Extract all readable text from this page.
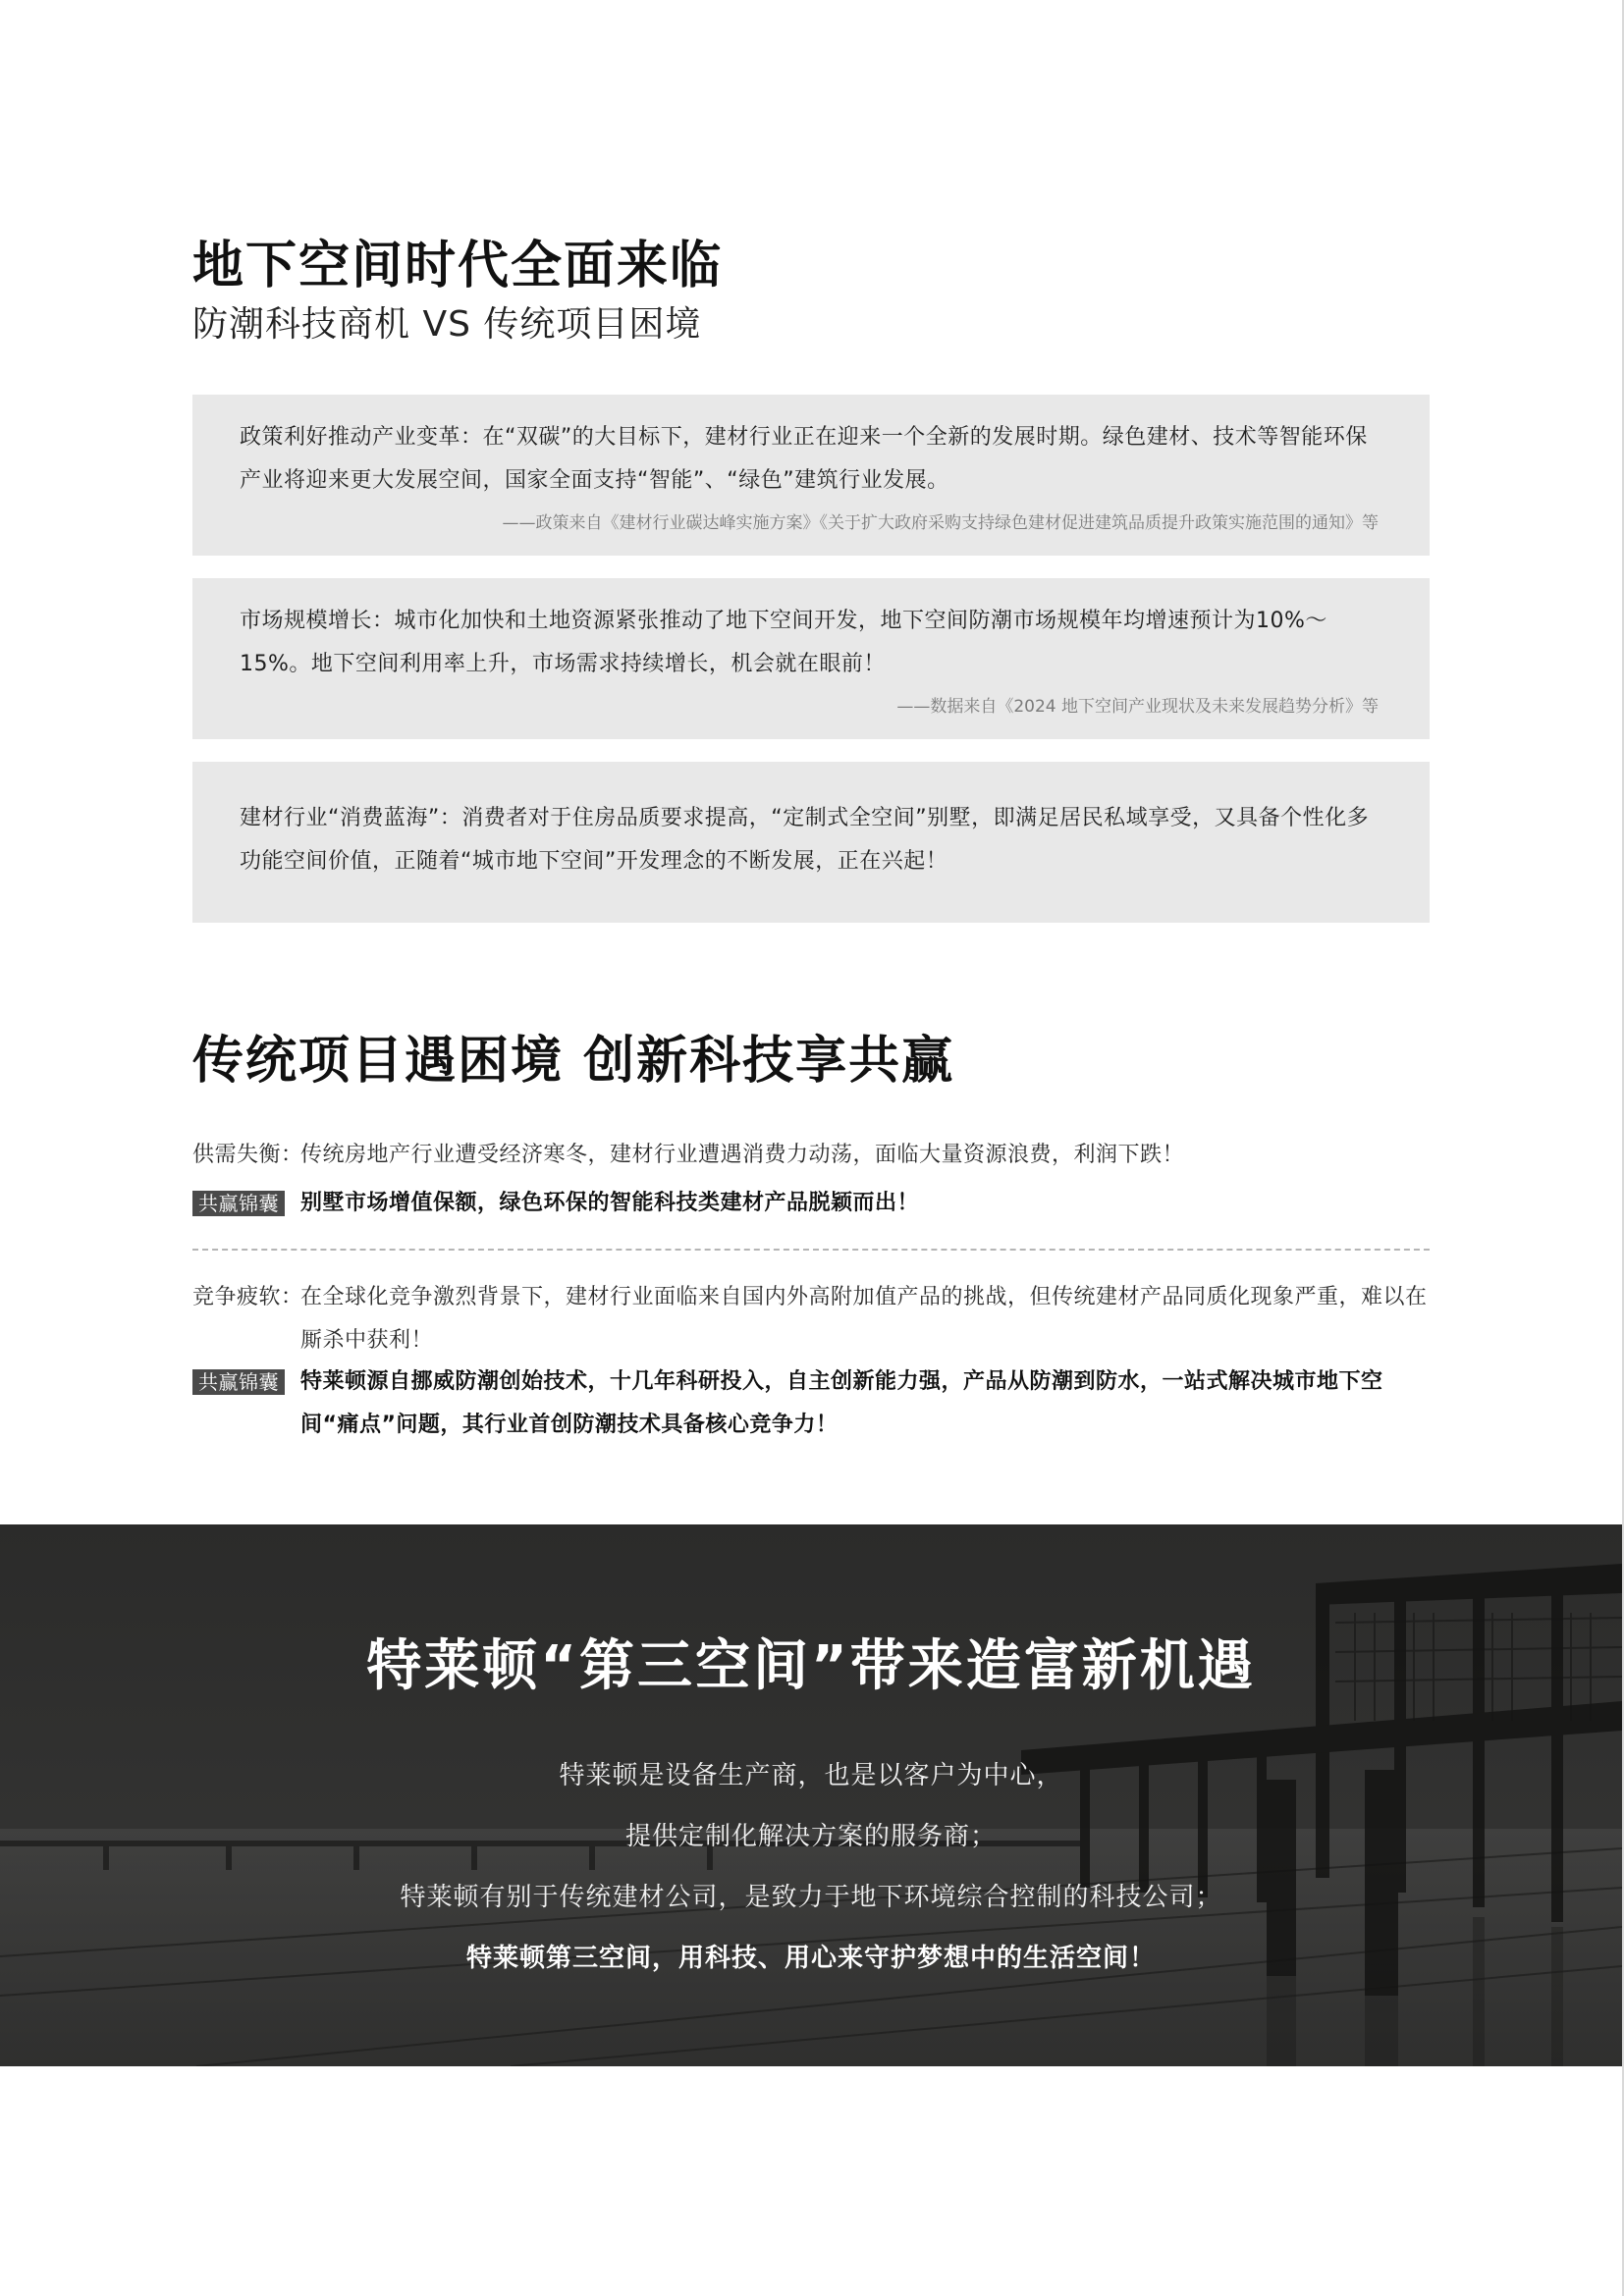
地下空间时代全面来临
防潮科技商机 VS 传统项目困境

政策利好推动产业变革：在“双碳”的大目标下，建材行业正在迎来一个全新的发展时期。绿色建材、技术等智能环保产业将迎来更大发展空间，国家全面支持“智能”、“绿色”建筑行业发展。

——政策来自《建材行业碳达峰实施方案》《关于扩大政府采购支持绿色建材促进建筑品质提升政策实施范围的通知》等

市场规模增长：城市化加快和土地资源紧张推动了地下空间开发，地下空间防潮市场规模年均增速预计为10%～15%。地下空间利用率上升，市场需求持续增长，机会就在眼前！

——数据来自《2024 地下空间产业现状及未来发展趋势分析》等

建材行业“消费蓝海”：消费者对于住房品质要求提高，“定制式全空间”别墅，即满足居民私域享受，又具备个性化多功能空间价值，正随着“城市地下空间”开发理念的不断发展，正在兴起！

传统项目遇困境 创新科技享共赢
供需失衡：
传统房地产行业遭受经济寒冬，建材行业遭遇消费力动荡，面临大量资源浪费，利润下跌！
共赢锦囊 别墅市场增值保额，绿色环保的智能科技类建材产品脱颖而出！
竞争疲软：
在全球化竞争激烈背景下，建材行业面临来自国内外高附加值产品的挑战，但传统建材产品同质化现象严重，难以在厮杀中获利！
共赢锦囊 特莱顿源自挪威防潮创始技术，十几年科研投入，自主创新能力强，产品从防潮到防水，一站式解决城市地下空间“痛点”问题，其行业首创防潮技术具备核心竞争力！
特莱顿“第三空间”带来造富新机遇
特莱顿是设备生产商，也是以客户为中心，
提供定制化解决方案的服务商；
特莱顿有别于传统建材公司，是致力于地下环境综合控制的科技公司；
特莱顿第三空间，用科技、用心来守护梦想中的生活空间！
